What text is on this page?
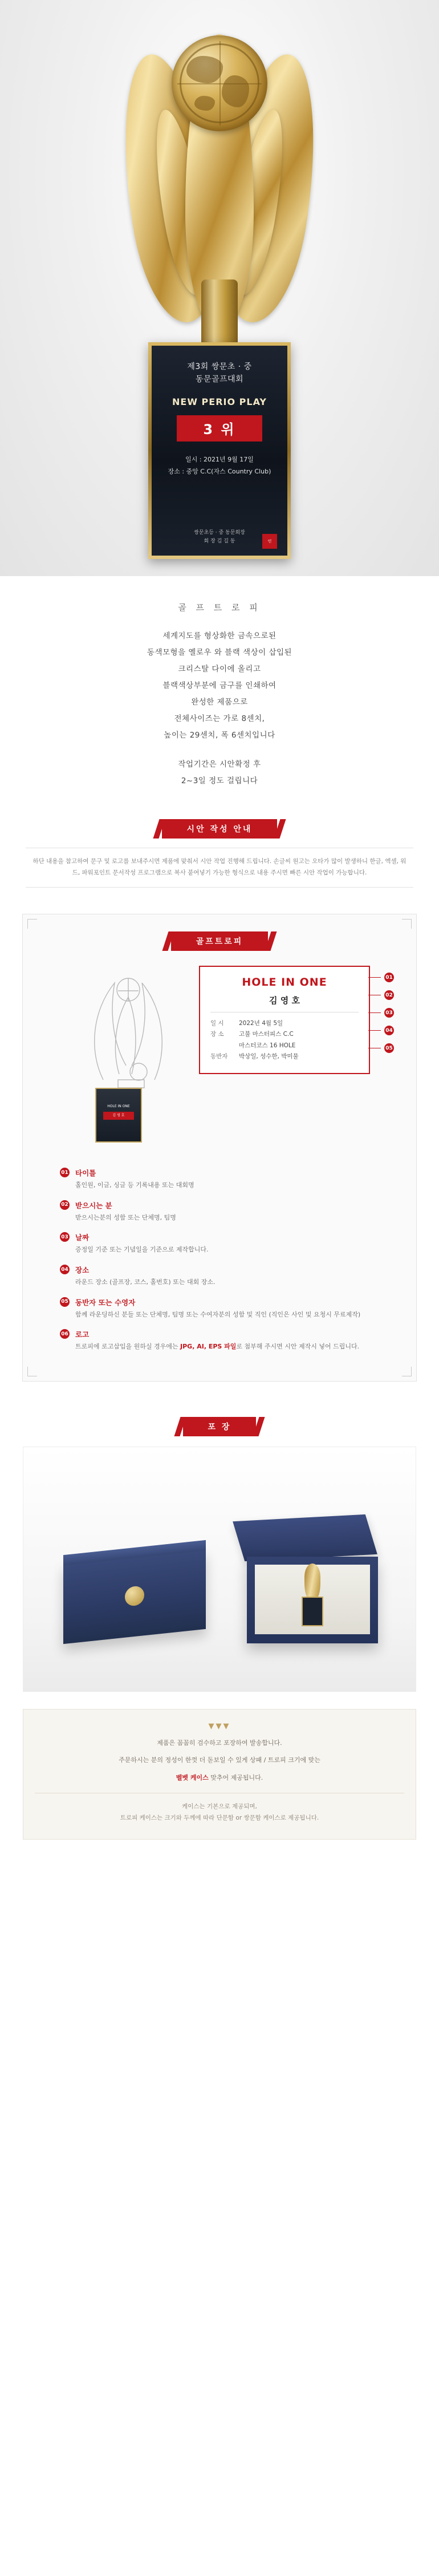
제3회 쌍문초 · 중
동문골프대회
NEW PERIO PLAY
3 위
일시 : 2021년 9월 17일
장소 : 중앙 C.C(자스 Country Club)
쌍문초등 · 중 동문회장
회 장 김 길 동	인
골 프 트 로 피

세계지도를 형상화한 금속으로된
동색모형을 옐로우 와 블랙 색상이 삽입된
크리스탈 다이에 올리고
블랙색상부분에 금구를 인쇄하여
완성한 제품으로
전체사이즈는 가로 8센치,
높이는 29센치, 폭 6센치입니다
작업기간은 시안확정 후
2~3일 정도 걸립니다

시안 작성 안내
하단 내용을 참고하여 문구 및 로고를 보내주시면 제품에 맞춰서 시안 작업 진행해 드립니다. 손글씨 원고는 오타가 많이 발생하니 한글, 엑셀, 워드, 파워포인트 문서작성 프로그램으로 복사 붙여넣기 가능한 형식으로 내용 주시면 빠른 시안 작업이 가능합니다.
골프트로피
HOLE IN ONE
김 영 호
HOLE IN ONE
김 영 호
일 시	2022년 4월 5일
장 소	고불 마스터피스 C.C
마스터코스 16 HOLE
동반자	박상일, 성수한, 박미물
01
02
03
04
05
01 타이틀
홀인원, 이글, 싱글 등 기록내용 또는 대회명
02 받으시는 분
받으시는분의 성함 또는 단체명, 팀명
03 날짜
증정일 기준 또는 기념일을 기준으로 제작합니다.
04 장소
라운드 장소 (골프장, 코스, 홀번호) 또는 대회 장소.
05 동반자 또는 수영자
함께 라운딩하신 분들 또는 단체명, 팀명 또는 수여자분의 성함 및 직인 (직인은 사인 및 요청시 무료제작)
06 로고
트로피에 로고삽입을 원하실 경우에는 JPG, AI, EPS 파일로 첨부해 주시면 시안 제작시 넣어 드립니다.
포 장
▼▼▼

제품은 꼼꼼히 검수하고 포장하여 발송합니다.

주문하시는 분의 정성이 한껏 더 돋보일 수 있게 상패 / 트로피 크기에 맞는

벨벳 케이스 맞추어 제공됩니다.

케이스는 기본으로 제공되며,
트로피 케이스는 크기와 두께에 따라 단문함 or 쌍문함 케이스로 제공됩니다.
